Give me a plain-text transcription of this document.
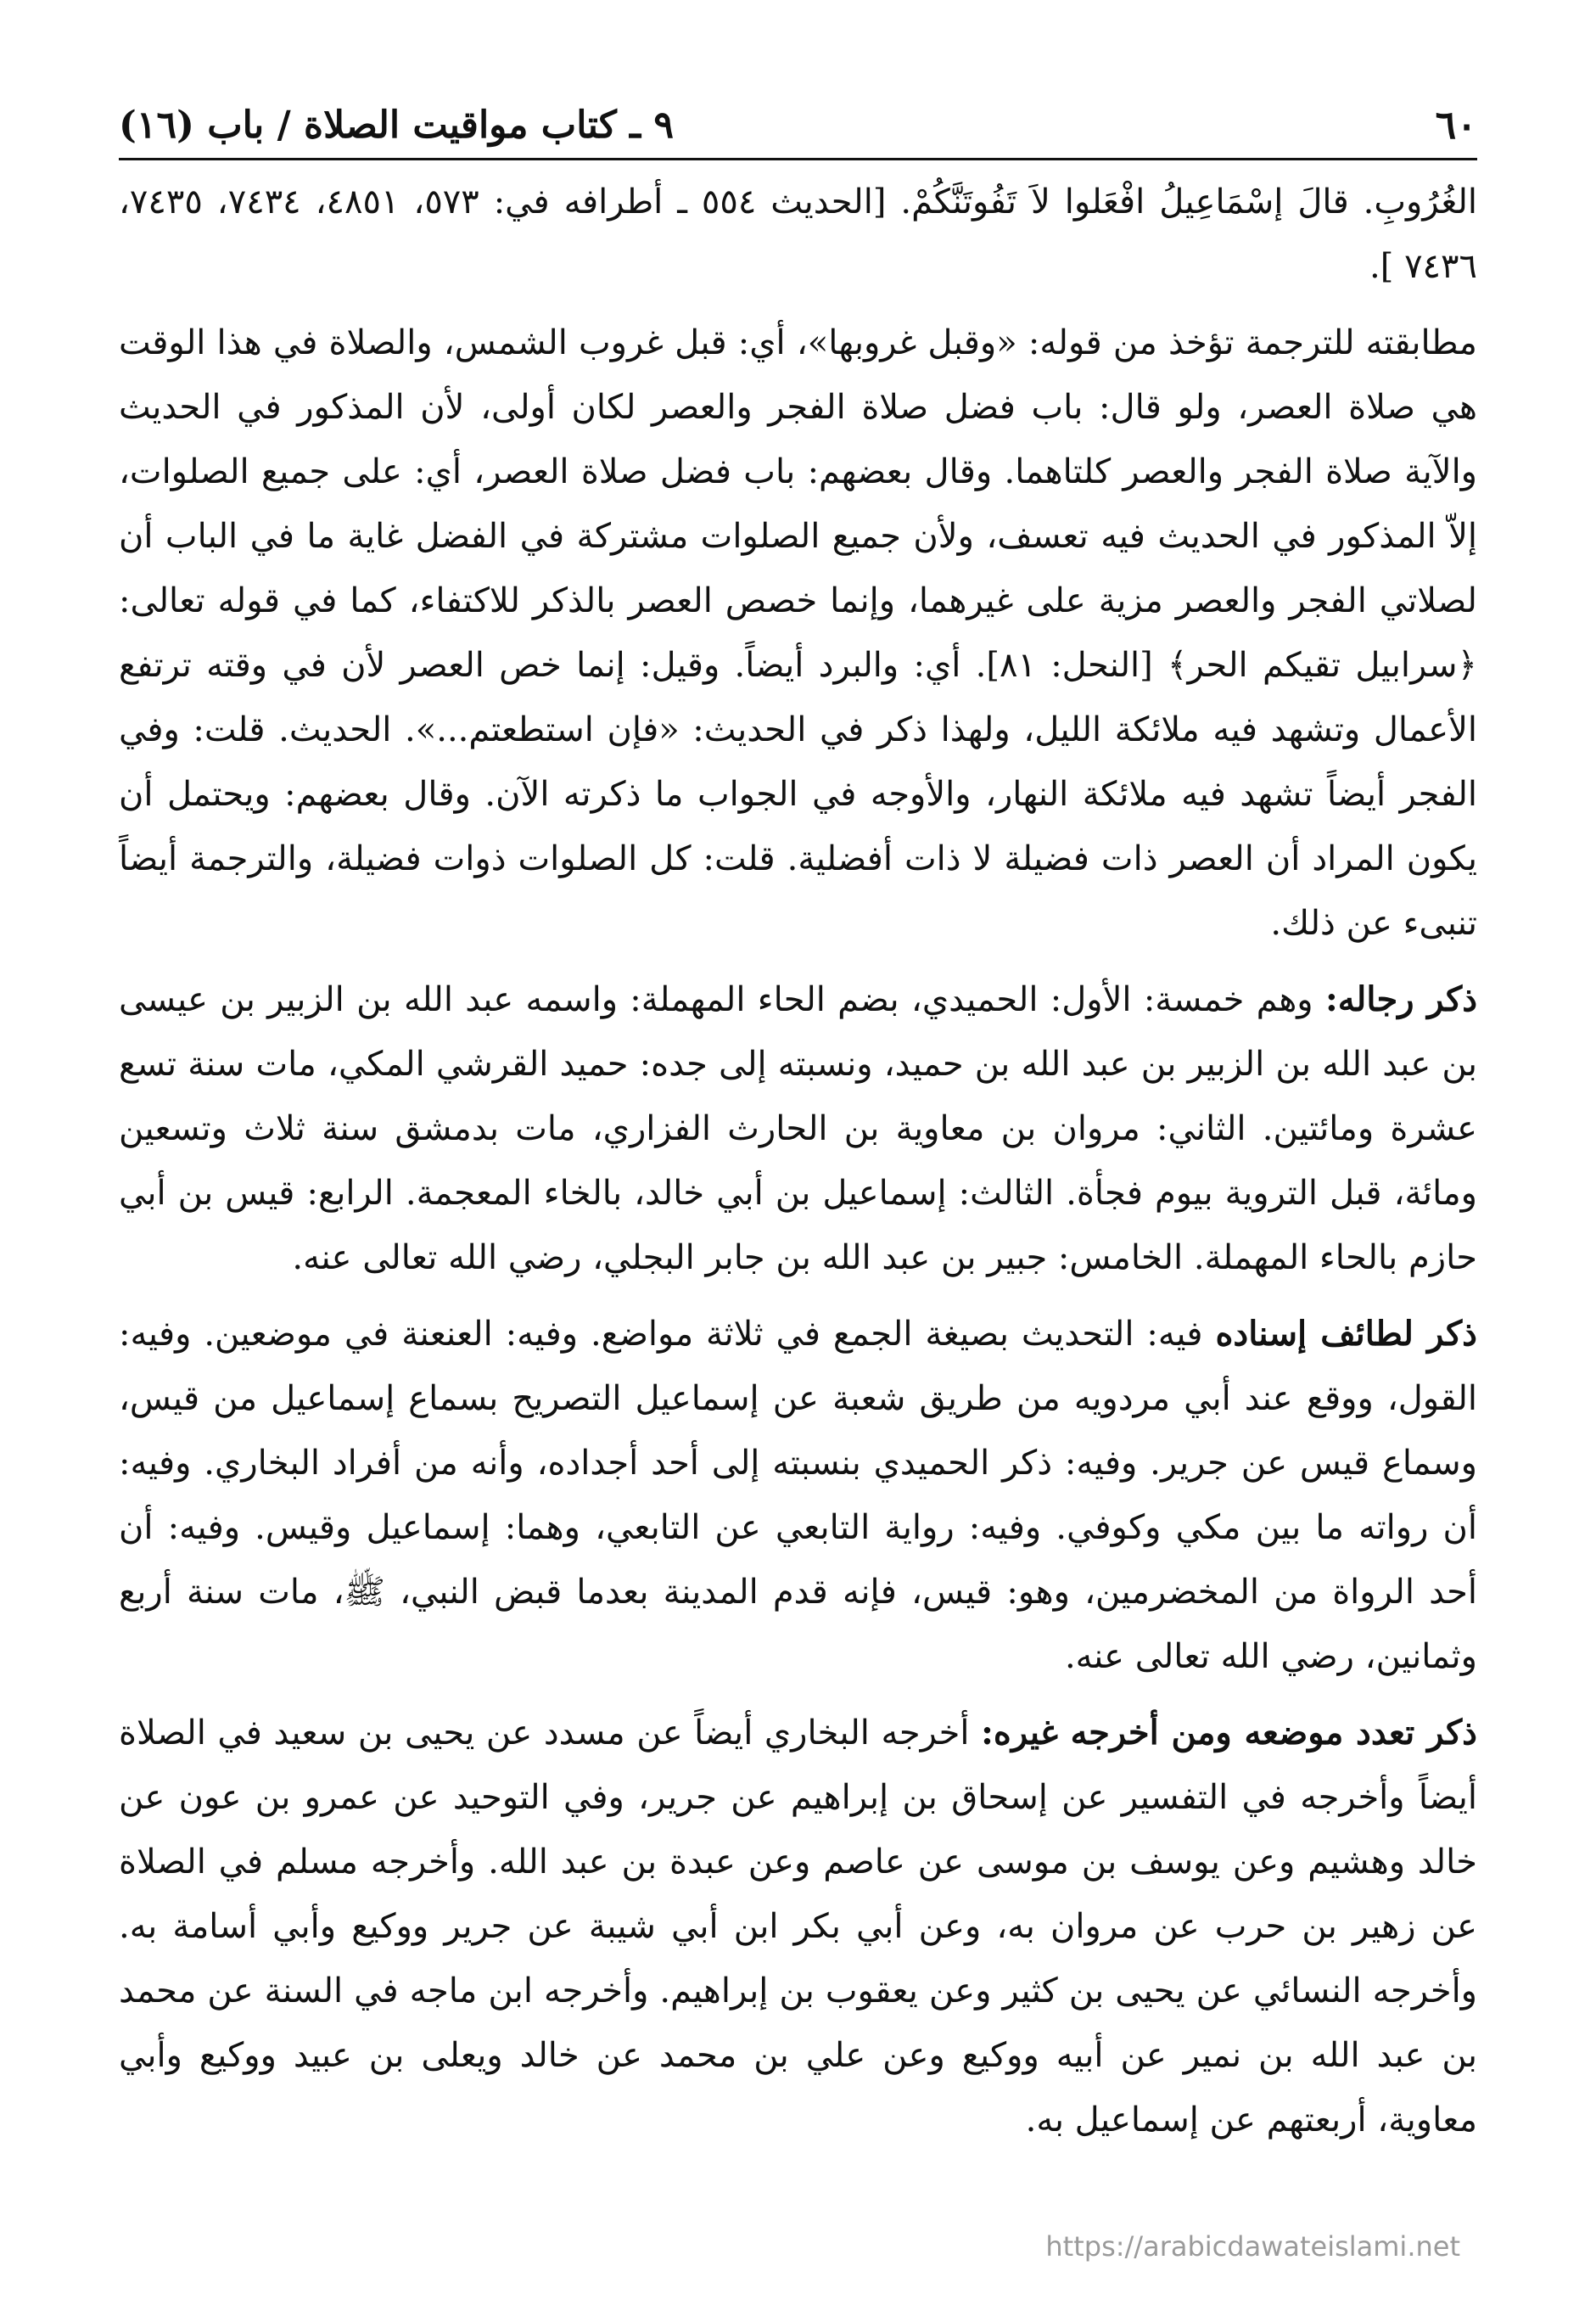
٦٠
٩ ـ كتاب مواقيت الصلاة / باب (١٦)

الغُرُوبِ. قالَ إسْمَاعِيلُ افْعَلوا لاَ تَفُوتَنَّكُمْ. [الحديث ٥٥٤ ـ أطرافه في: ٥٧٣، ٤٨٥١، ٧٤٣٤، ٧٤٣٥، ٧٤٣٦ ].

مطابقته للترجمة تؤخذ من قوله: «وقبل غروبها»، أي: قبل غروب الشمس، والصلاة في هذا الوقت هي صلاة العصر، ولو قال: باب فضل صلاة الفجر والعصر لكان أولى، لأن المذكور في الحديث والآية صلاة الفجر والعصر كلتاهما. وقال بعضهم: باب فضل صلاة العصر، أي: على جميع الصلوات، إلاّ المذكور في الحديث فيه تعسف، ولأن جميع الصلوات مشتركة في الفضل غاية ما في الباب أن لصلاتي الفجر والعصر مزية على غيرهما، وإنما خصص العصر بالذكر للاكتفاء، كما في قوله تعالى: ﴿سرابيل تقيكم الحر﴾ [النحل: ٨١]. أي: والبرد أيضاً. وقيل: إنما خص العصر لأن في وقته ترتفع الأعمال وتشهد فيه ملائكة الليل، ولهذا ذكر في الحديث: «فإن استطعتم...». الحديث. قلت: وفي الفجر أيضاً تشهد فيه ملائكة النهار، والأوجه في الجواب ما ذكرته الآن. وقال بعضهم: ويحتمل أن يكون المراد أن العصر ذات فضيلة لا ذات أفضلية. قلت: كل الصلوات ذوات فضيلة، والترجمة أيضاً تنبىء عن ذلك.

ذكر رجاله: وهم خمسة: الأول: الحميدي، بضم الحاء المهملة: واسمه عبد الله بن الزبير بن عيسى بن عبد الله بن الزبير بن عبد الله بن حميد، ونسبته إلى جده: حميد القرشي المكي، مات سنة تسع عشرة ومائتين. الثاني: مروان بن معاوية بن الحارث الفزاري، مات بدمشق سنة ثلاث وتسعين ومائة، قبل التروية بيوم فجأة. الثالث: إسماعيل بن أبي خالد، بالخاء المعجمة. الرابع: قيس بن أبي حازم بالحاء المهملة. الخامس: جبير بن عبد الله بن جابر البجلي، رضي الله تعالى عنه.

ذكر لطائف إسناده فيه: التحديث بصيغة الجمع في ثلاثة مواضع. وفيه: العنعنة في موضعين. وفيه: القول، ووقع عند أبي مردويه من طريق شعبة عن إسماعيل التصريح بسماع إسماعيل من قيس، وسماع قيس عن جرير. وفيه: ذكر الحميدي بنسبته إلى أحد أجداده، وأنه من أفراد البخاري. وفيه: أن رواته ما بين مكي وكوفي. وفيه: رواية التابعي عن التابعي، وهما: إسماعيل وقيس. وفيه: أن أحد الرواة من المخضرمين، وهو: قيس، فإنه قدم المدينة بعدما قبض النبي، ﷺ، مات سنة أربع وثمانين، رضي الله تعالى عنه.

ذكر تعدد موضعه ومن أخرجه غيره: أخرجه البخاري أيضاً عن مسدد عن يحيى بن سعيد في الصلاة أيضاً وأخرجه في التفسير عن إسحاق بن إبراهيم عن جرير، وفي التوحيد عن عمرو بن عون عن خالد وهشيم وعن يوسف بن موسى عن عاصم وعن عبدة بن عبد الله. وأخرجه مسلم في الصلاة عن زهير بن حرب عن مروان به، وعن أبي بكر ابن أبي شيبة عن جرير ووكيع وأبي أسامة به. وأخرجه النسائي عن يحيى بن كثير وعن يعقوب بن إبراهيم. وأخرجه ابن ماجه في السنة عن محمد بن عبد الله بن نمير عن أبيه ووكيع وعن علي بن محمد عن خالد ويعلى بن عبيد ووكيع وأبي معاوية، أربعتهم عن إسماعيل به.

https://arabicdawateislami.net
